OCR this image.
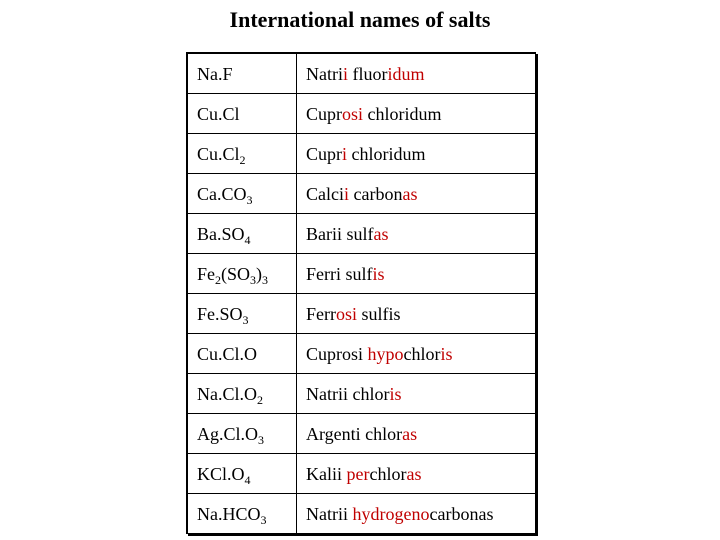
International names of salts
Na.F	Natrii fluoridum
Cu.Cl	Cuprosi chloridum
$Cu.Cl_2$	Cupri chloridum
$Ca.CO_3$	Calcii carbonas
$Ba.SO_4$	Barii sulfas
$Fe_2(SO_3)_3$	Ferri sulfis
$Fe.SO_3$	Ferrosi sulfis
Cu.Cl.O	Cuprosi hypochloris
$Na.Cl.O_2$	Natrii chloris
$Ag.Cl.O_3$	Argenti chloras
$KCl.O_4$	Kalii perchloras
$Na.HCO_3$	Natrii hydrogenocarbonas
